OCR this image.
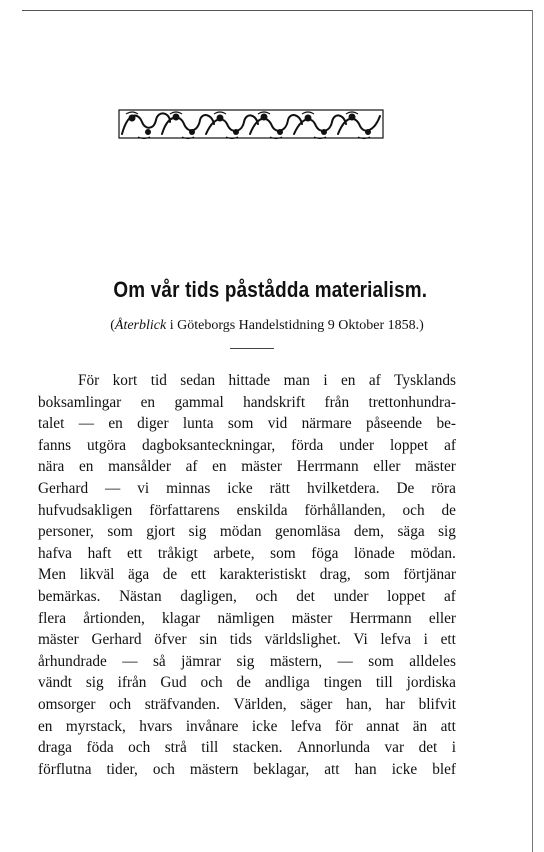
Om vår tids påstådda materialism.
(Återblick i Göteborgs Handelstidning 9 Oktober 1858.)
För kort tid sedan hittade man i en af Tysklands
boksamlingar en gammal handskrift från trettonhundra-
talet — en diger lunta som vid närmare påseende be-
fanns utgöra dagboksanteckningar, förda under loppet af
nära en mansålder af en mäster Herrmann eller mäster
Gerhard — vi minnas icke rätt hvilketdera. De röra
hufvudsakligen författarens enskilda förhållanden, och de
personer, som gjort sig mödan genomläsa dem, säga sig
hafva haft ett tråkigt arbete, som föga lönade mödan.
Men likväl äga de ett karakteristiskt drag, som förtjänar
bemärkas. Nästan dagligen, och det under loppet af
flera årtionden, klagar nämligen mäster Herrmann eller
mäster Gerhard öfver sin tids världslighet. Vi lefva i ett
århundrade — så jämrar sig mästern, — som alldeles
vändt sig ifrån Gud och de andliga tingen till jordiska
omsorger och sträfvanden. Världen, säger han, har blifvit
en myrstack, hvars invånare icke lefva för annat än att
draga föda och strå till stacken. Annorlunda var det i
förflutna tider, och mästern beklagar, att han icke blef
